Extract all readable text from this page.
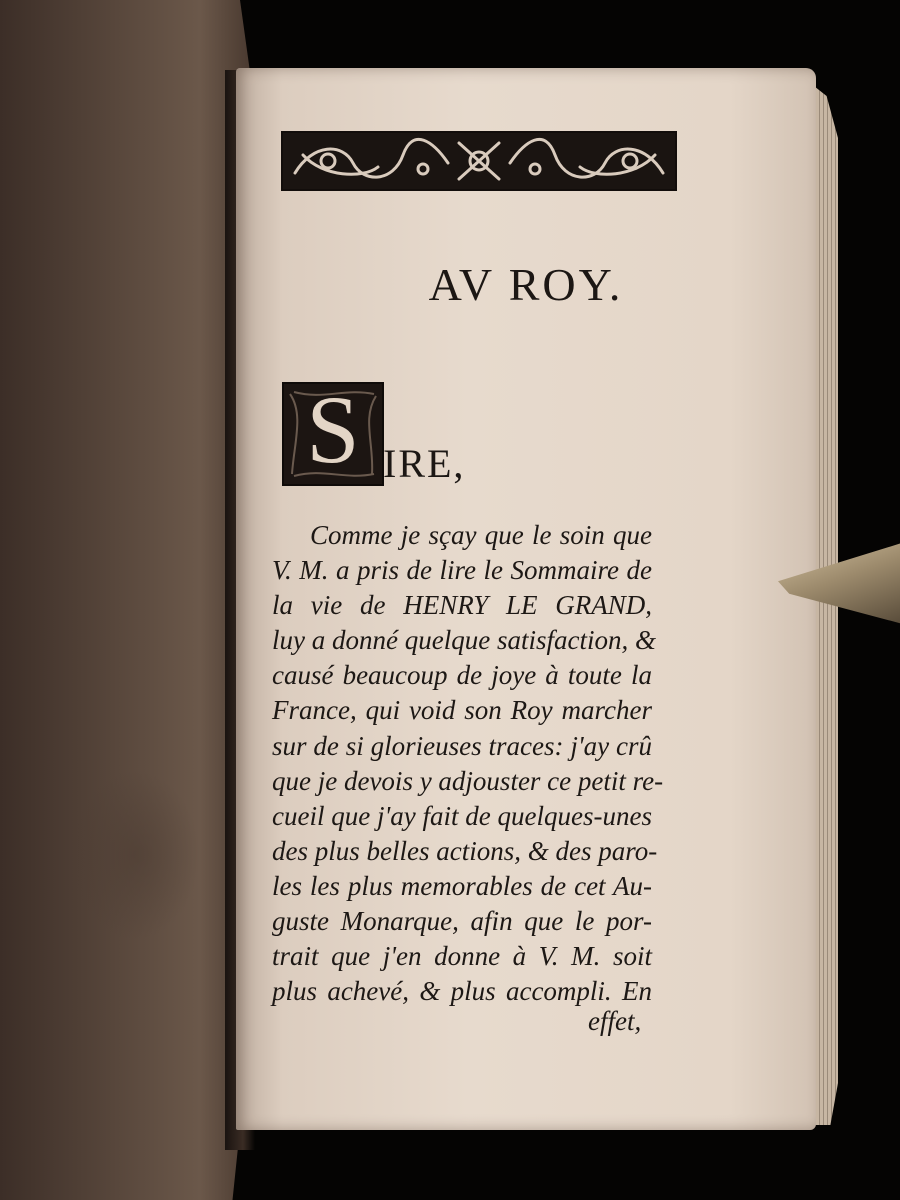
AV ROY.
S IRE,
Comme je sçay que le soin que
V. M. a pris de lire le Sommaire de
la vie de HENRY LE GRAND,
luy a donné quelque satisfaction, &
causé beaucoup de joye à toute la
France, qui void son Roy marcher
sur de si glorieuses traces: j'ay crû
que je devois y adjouster ce petit re-
cueil que j'ay fait de quelques-unes
des plus belles actions, & des paro-
les les plus memorables de cet Au-
guste Monarque, afin que le por-
trait que j'en donne à V. M. soit
plus achevé, & plus accompli. En
effet,
